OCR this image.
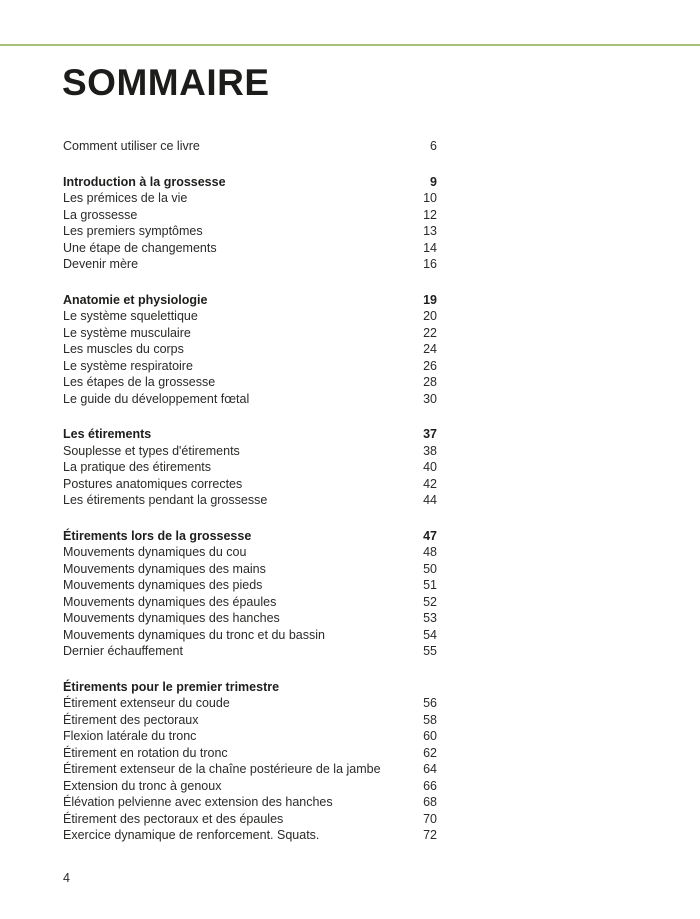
SOMMAIRE
Comment utiliser ce livre	6
Introduction à la grossesse	9
Les prémices de la vie	10
La grossesse	12
Les premiers symptômes	13
Une étape de changements	14
Devenir mère	16
Anatomie et physiologie	19
Le système squelettique	20
Le système musculaire	22
Les muscles du corps	24
Le système respiratoire	26
Les étapes de la grossesse	28
Le guide du développement fœtal	30
Les étirements	37
Souplesse et types d'étirements	38
La pratique des étirements	40
Postures anatomiques correctes	42
Les étirements pendant la grossesse	44
Étirements lors de la grossesse	47
Mouvements dynamiques du cou	48
Mouvements dynamiques des mains	50
Mouvements dynamiques des pieds	51
Mouvements dynamiques des épaules	52
Mouvements dynamiques des hanches	53
Mouvements dynamiques du tronc et du bassin	54
Dernier échauffement	55
Étirements pour le premier trimestre
Étirement extenseur du coude	56
Étirement des pectoraux	58
Flexion latérale du tronc	60
Étirement en rotation du tronc	62
Étirement extenseur de la chaîne postérieure de la jambe	64
Extension du tronc à genoux	66
Élévation pelvienne avec extension des hanches	68
Étirement des pectoraux et des épaules	70
Exercice dynamique de renforcement. Squats.	72
4
